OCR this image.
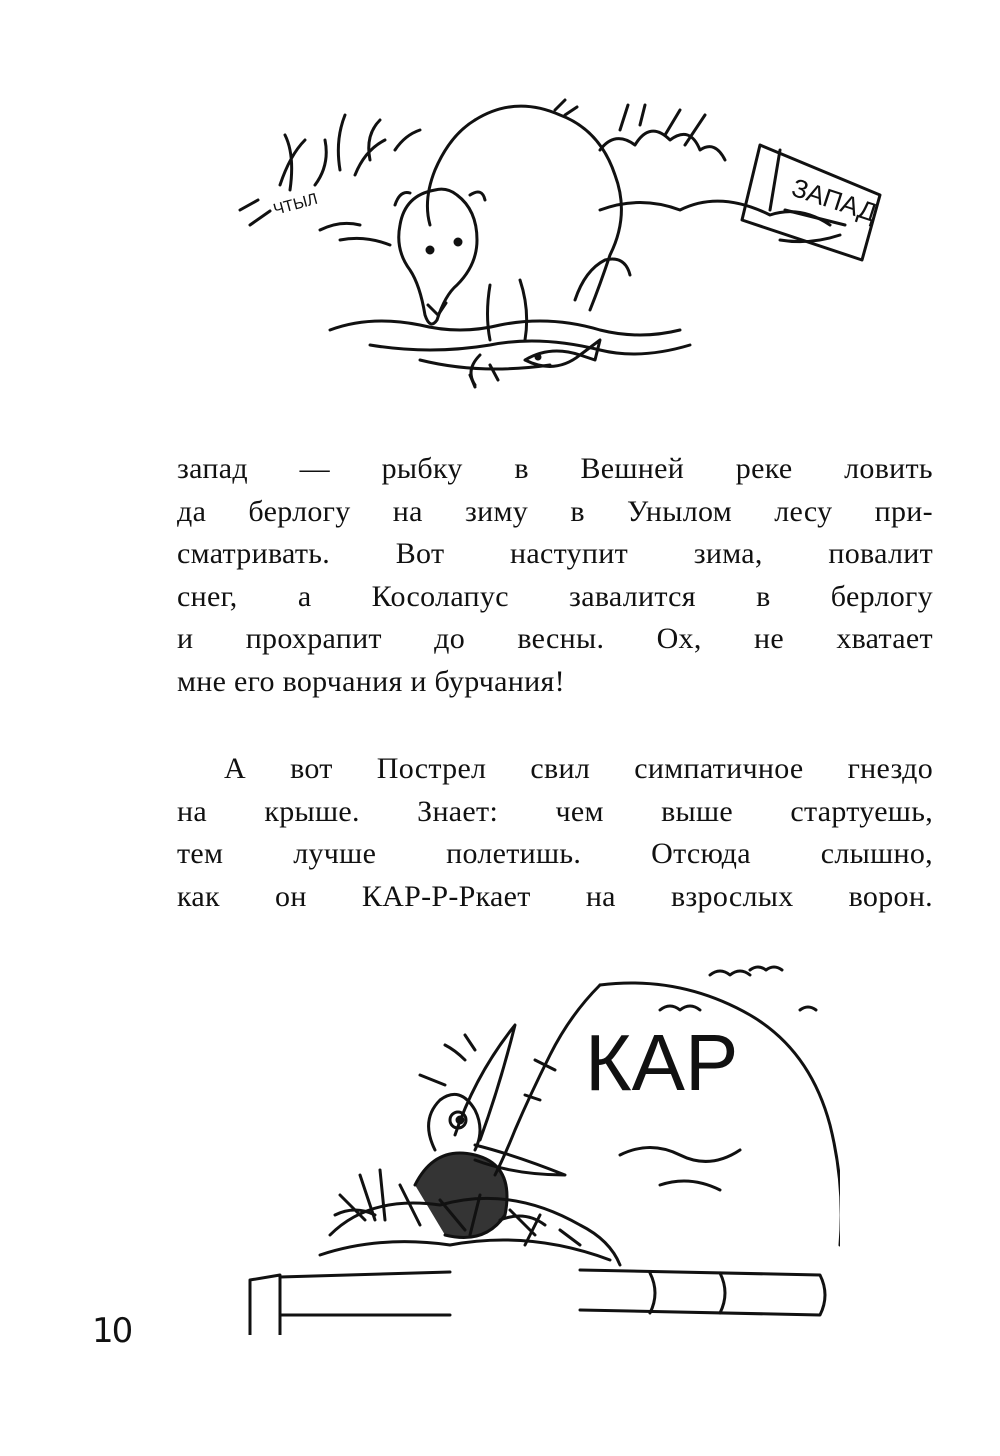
ЗАПАД
ЧТЫЛ
запад — рыбку в Вешней реке ловить
да берлогу на зиму в Унылом лесу при-
сматривать. Вот наступит зима, повалит
снег, а Косолапус завалится в берлогу
и прохрапит до весны. Ох, не хватает
мне его ворчания и бурчания!
А вот Пострел свил симпатичное гнездо
на крыше. Знает: чем выше стартуешь,
тем лучше полетишь. Отсюда слышно,
как он КАР-Р-Ркает на взрослых ворон.
КАР
10
